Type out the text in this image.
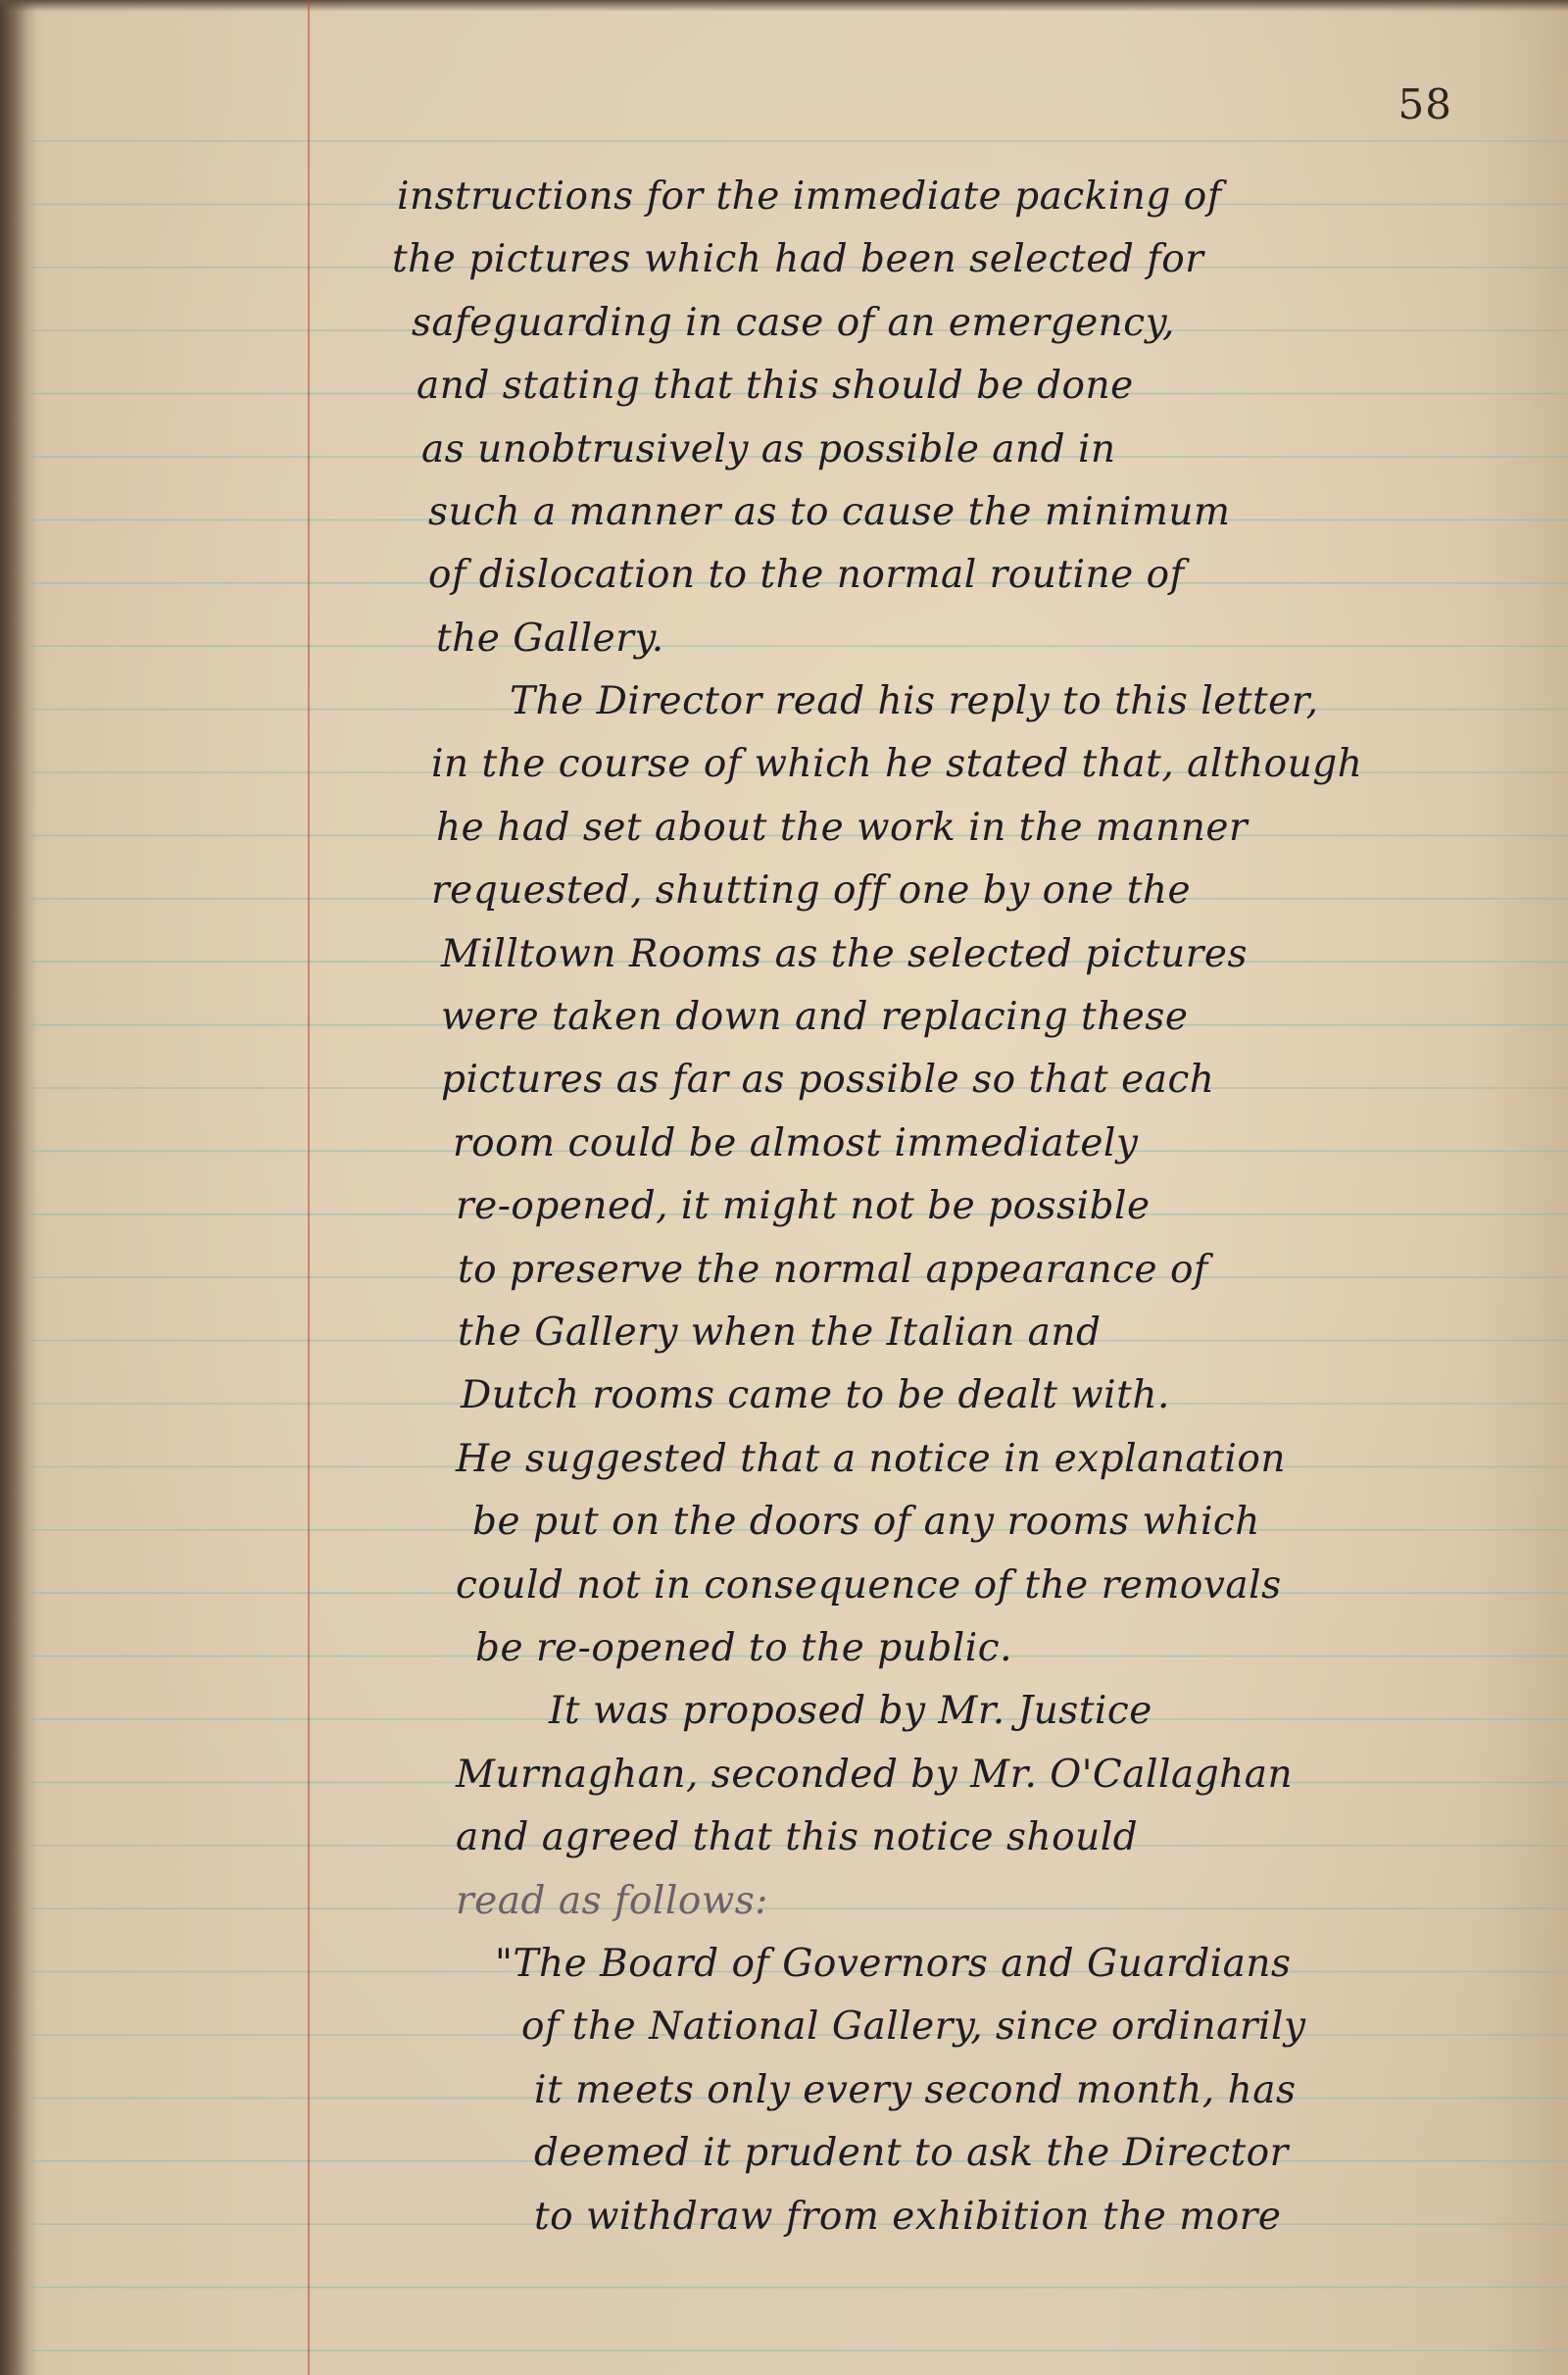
58
instructions for the immediate packing of
the pictures which had been selected for
safeguarding in case of an emergency,
and stating that this should be done
as unobtrusively as possible and in
such a manner as to cause the minimum
of dislocation to the normal routine of
the Gallery.
The Director read his reply to this letter,
in the course of which he stated that, although
he had set about the work in the manner
requested, shutting off one by one the
Milltown Rooms as the selected pictures
were taken down and replacing these
pictures as far as possible so that each
room could be almost immediately
re-opened, it might not be possible
to preserve the normal appearance of
the Gallery when the Italian and
Dutch rooms came to be dealt with.
He suggested that a notice in explanation
be put on the doors of any rooms which
could not in consequence of the removals
be re-opened to the public.
It was proposed by Mr. Justice
Murnaghan, seconded by Mr. O'Callaghan
and agreed that this notice should
read as follows:
"The Board of Governors and Guardians
of the National Gallery, since ordinarily
it meets only every second month, has
deemed it prudent to ask the Director
to withdraw from exhibition the more
